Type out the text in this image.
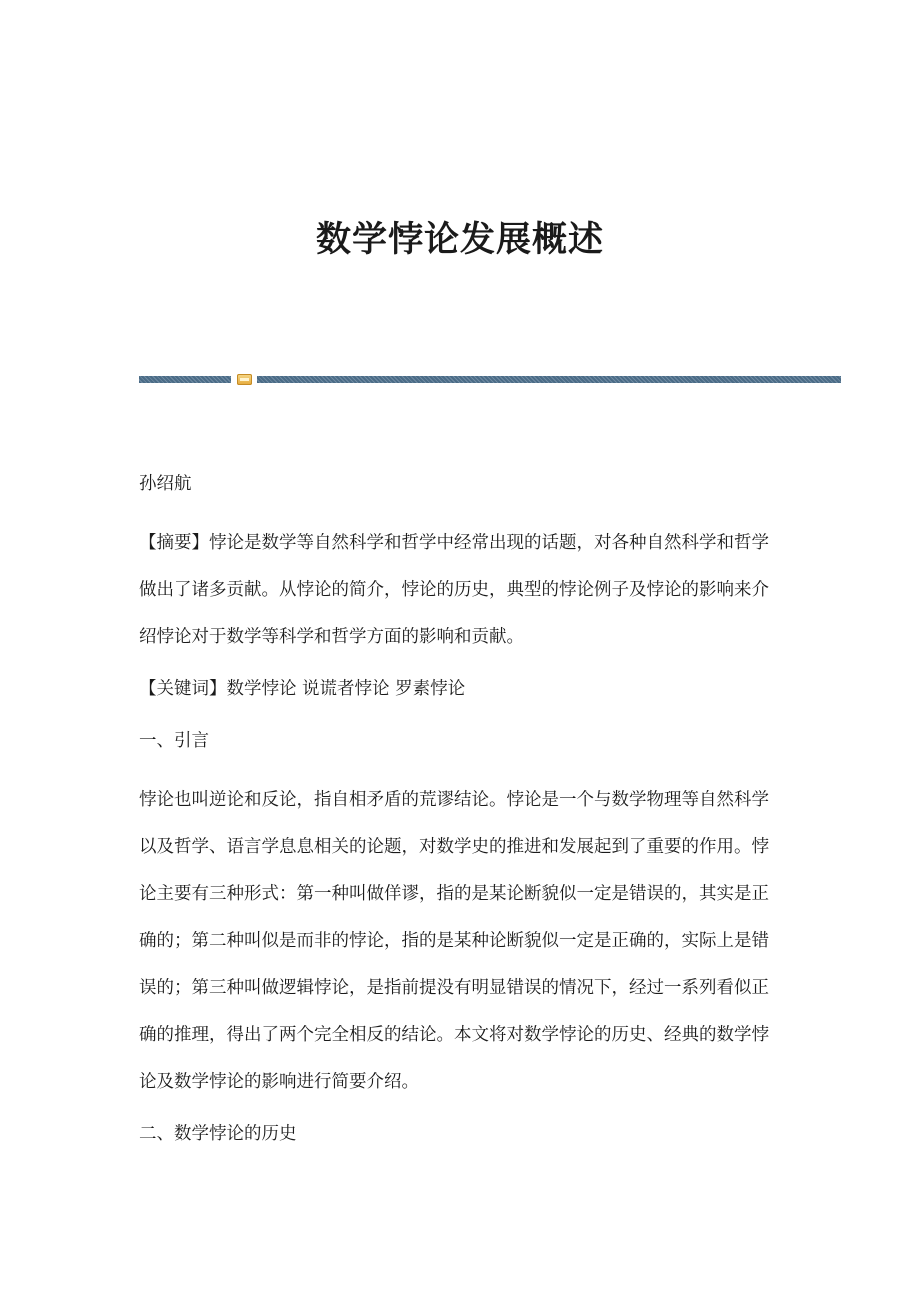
数学悖论发展概述

孙绍航

【摘要】悖论是数学等自然科学和哲学中经常出现的话题，对各种自然科学和哲学做出了诸多贡献。从悖论的简介，悖论的历史，典型的悖论例子及悖论的影响来介绍悖论对于数学等科学和哲学方面的影响和贡献。

【关键词】数学悖论 说谎者悖论 罗素悖论

一、引言

悖论也叫逆论和反论，指自相矛盾的荒谬结论。悖论是一个与数学物理等自然科学以及哲学、语言学息息相关的论题，对数学史的推进和发展起到了重要的作用。悖论主要有三种形式：第一种叫做佯谬，指的是某论断貌似一定是错误的，其实是正确的；第二种叫似是而非的悖论，指的是某种论断貌似一定是正确的，实际上是错误的；第三种叫做逻辑悖论，是指前提没有明显错误的情况下，经过一系列看似正确的推理，得出了两个完全相反的结论。本文将对数学悖论的历史、经典的数学悖论及数学悖论的影响进行简要介绍。

二、数学悖论的历史
